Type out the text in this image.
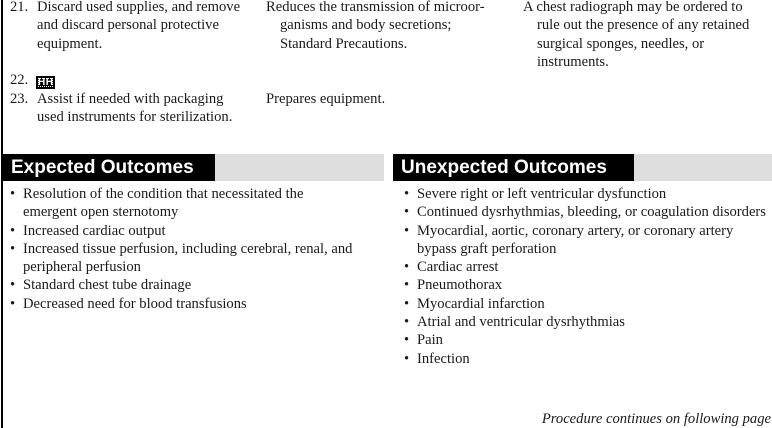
21. Discard used supplies, and remove and discard personal protective equipment.
Reduces the transmission of microor-
ganisms and body secretions;
Standard Precautions.
A chest radiograph may be ordered to
rule out the presence of any retained
surgical sponges, needles, or
instruments.
22. HH
23. Assist if needed with packaging used instruments for sterilization.
Prepares equipment.
Expected Outcomes	Unexpected Outcomes
• Resolution of the condition that necessitated the emergent open sternotomy
• Increased cardiac output
• Increased tissue perfusion, including cerebral, renal, and peripheral perfusion
• Standard chest tube drainage
• Decreased need for blood transfusions
• Severe right or left ventricular dysfunction
• Continued dysrhythmias, bleeding, or coagulation disorders
• Myocardial, aortic, coronary artery, or coronary artery bypass graft perforation
• Cardiac arrest
• Pneumothorax
• Myocardial infarction
• Atrial and ventricular dysrhythmias
• Pain
• Infection
Procedure continues on following page
